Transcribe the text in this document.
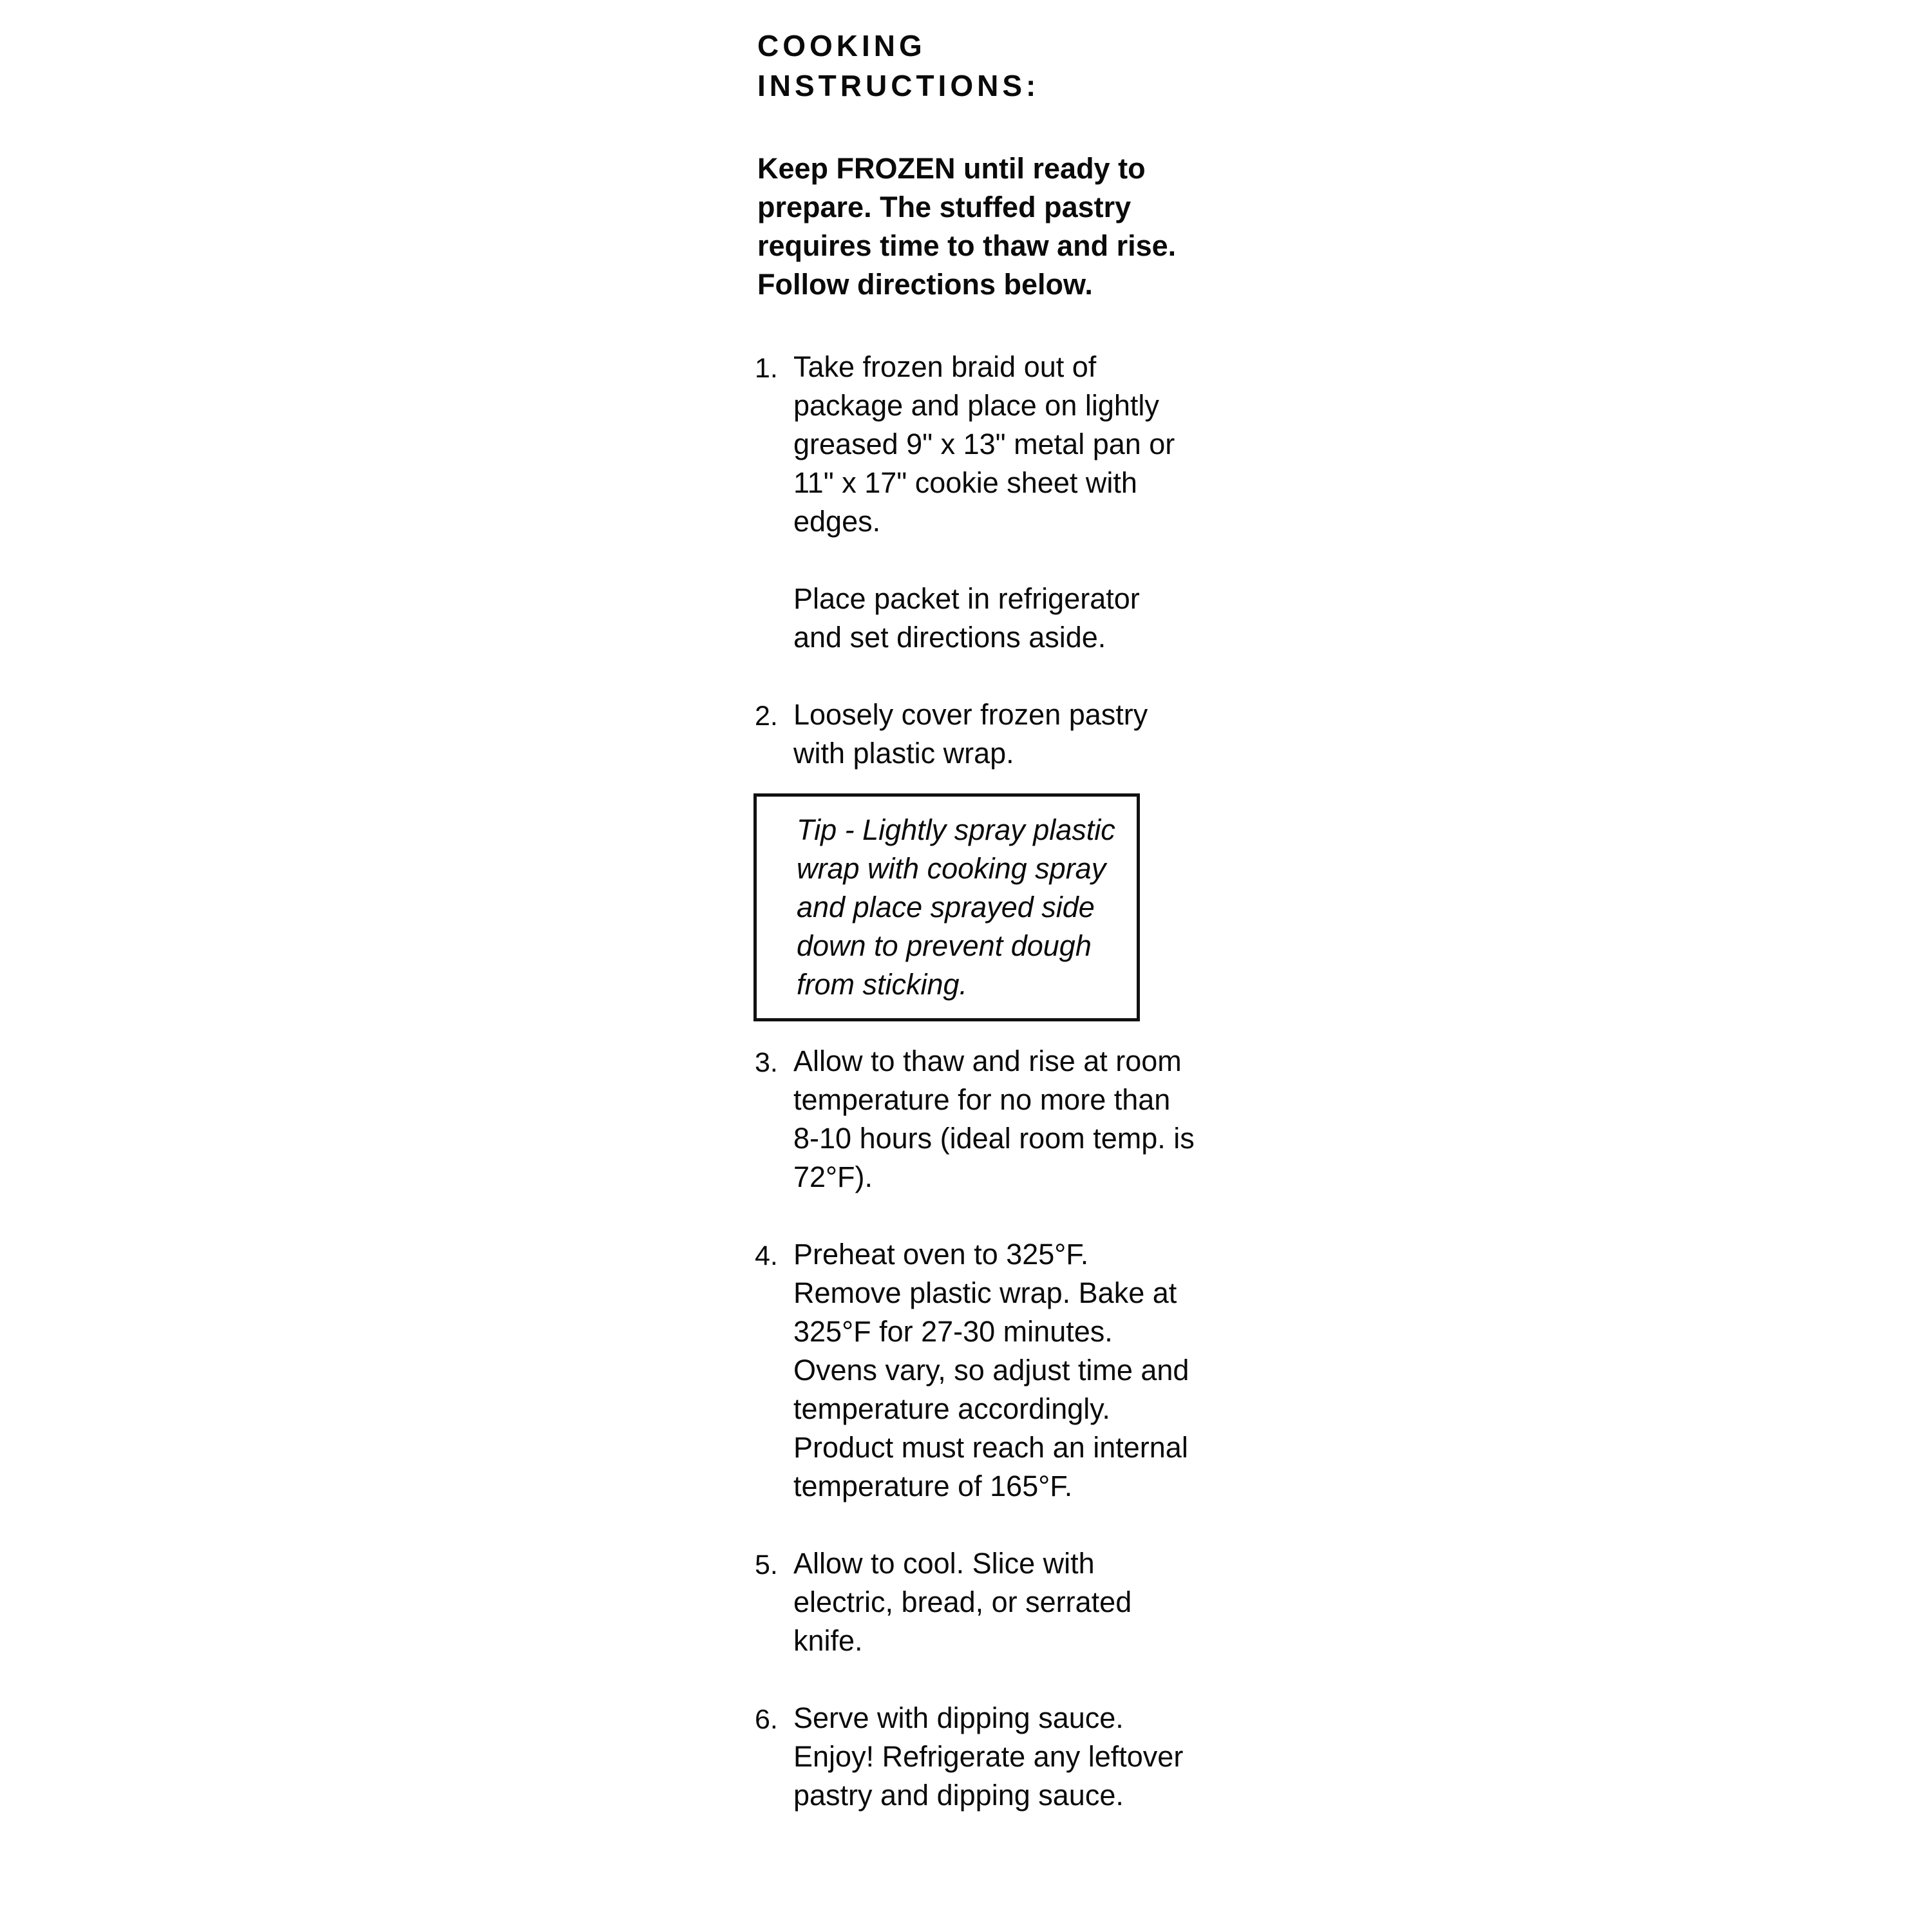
COOKING INSTRUCTIONS:

Keep FROZEN until ready to prepare. The stuffed pastry requires time to thaw and rise. Follow directions below.

1. Take frozen braid out of package and place on lightly greased 9" x 13" metal pan or 11" x 17" cookie sheet with edges.
Place packet in refrigerator and set directions aside.
2. Loosely cover frozen pastry with plastic wrap.
Tip - Lightly spray plastic wrap with cooking spray and place sprayed side down to prevent dough from sticking.
3. Allow to thaw and rise at room temperature for no more than 8-10 hours (ideal room temp. is 72°F).
4. Preheat oven to 325°F. Remove plastic wrap. Bake at 325°F for 27-30 minutes. Ovens vary, so adjust time and temperature accordingly. Product must reach an internal temperature of 165°F.
5. Allow to cool. Slice with electric, bread, or serrated knife.
6. Serve with dipping sauce. Enjoy! Refrigerate any leftover pastry and dipping sauce.
